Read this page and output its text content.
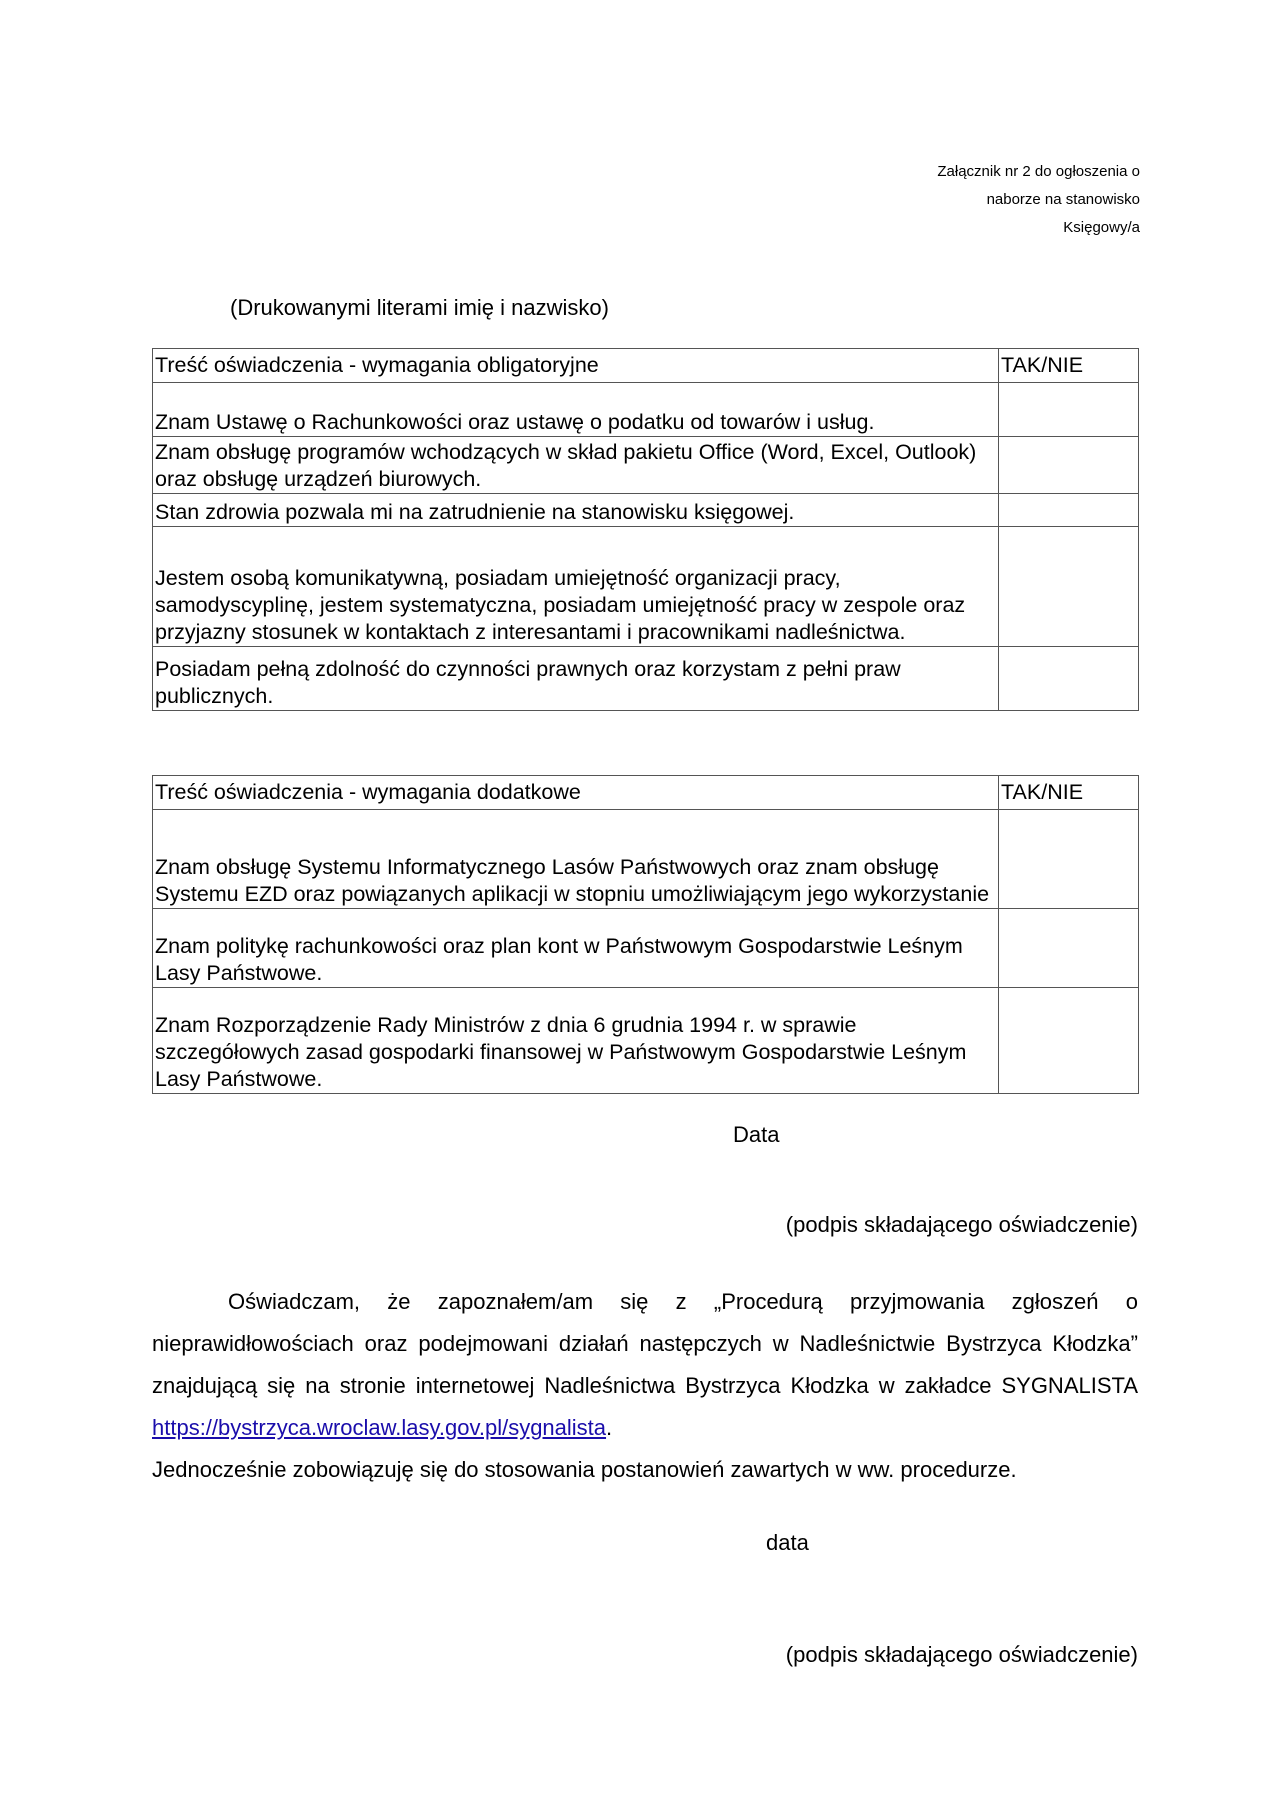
Załącznik nr 2 do ogłoszenia o
naborze na stanowisko
Księgowy/a
(Drukowanymi literami imię i nazwisko)
Treść oświadczenia - wymagania obligatoryjne	TAK/NIE
Znam Ustawę o Rachunkowości oraz ustawę o podatku od towarów i usług.	
Znam obsługę programów wchodzących w skład pakietu Office (Word, Excel, Outlook) oraz obsługę urządzeń biurowych.	
Stan zdrowia pozwala mi na zatrudnienie na stanowisku księgowej.	
Jestem osobą komunikatywną, posiadam umiejętność organizacji pracy, samodyscyplinę, jestem systematyczna, posiadam umiejętność pracy w zespole oraz przyjazny stosunek w kontaktach z interesantami i pracownikami nadleśnictwa.	
Posiadam pełną zdolność do czynności prawnych oraz korzystam z pełni praw publicznych.	
Treść oświadczenia - wymagania dodatkowe	TAK/NIE
Znam obsługę Systemu Informatycznego Lasów Państwowych oraz znam obsługę Systemu EZD oraz powiązanych aplikacji w stopniu umożliwiającym jego wykorzystanie	
Znam politykę rachunkowości oraz plan kont w Państwowym Gospodarstwie Leśnym Lasy Państwowe.	
Znam Rozporządzenie Rady Ministrów z dnia 6 grudnia 1994 r. w sprawie szczegółowych zasad gospodarki finansowej w Państwowym Gospodarstwie Leśnym Lasy Państwowe.	
Data
(podpis składającego oświadczenie)

Oświadczam, że zapoznałem/am się z „Procedurą przyjmowania zgłoszeń o nieprawidłowościach oraz podejmowani działań następczych w Nadleśnictwie Bystrzyca Kłodzka” znajdującą się na stronie internetowej Nadleśnictwa Bystrzyca Kłodzka w zakładce SYGNALISTA https://bystrzyca.wroclaw.lasy.gov.pl/sygnalista.

Jednocześnie zobowiązuję się do stosowania postanowień zawartych w ww. procedurze.

data
(podpis składającego oświadczenie)
